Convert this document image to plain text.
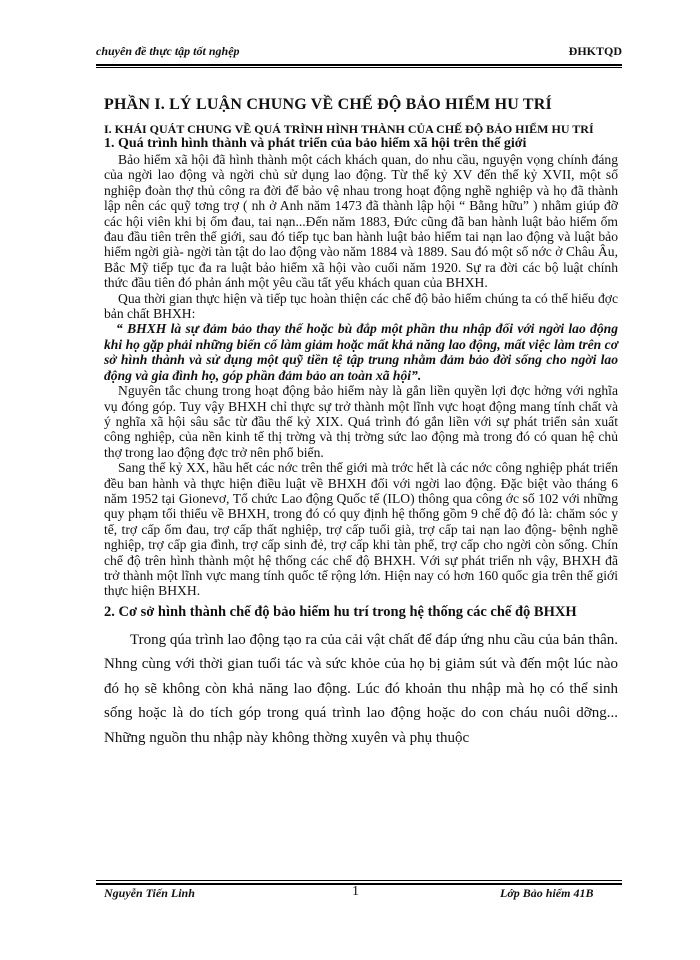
chuyên đề thực tập tốt nghệp	ĐHKTQD
PHẦN I. LÝ LUẬN CHUNG VỀ CHẾ ĐỘ BẢO HIỂM HU TRÍ
I. KHÁI QUÁT CHUNG VỀ QUÁ TRÌNH HÌNH THÀNH CỦA CHẾ ĐỘ BẢO HIỂM HU TRÍ
1. Quá trình hình thành và phát triển của bảo hiểm xã hội trên thế giới

Bảo hiểm xã hội đã hình thành một cách khách quan, do nhu cầu, nguyện vọng chính đáng của ngời lao động và ngời chủ sử dụng lao động. Từ thế kỷ XV đến thế kỷ XVII, một số nghiệp đoàn thợ thủ công ra đời để bảo vệ nhau trong hoạt động nghề nghiệp và họ đã thành lập nên các quỹ tơng trợ ( nh ở Anh năm 1473 đã thành lập hội “ Bằng hữu” ) nhằm giúp đỡ các hội viên khi bị ốm đau, tai nạn...Đến năm 1883, Đức cũng đã ban hành luật bảo hiểm ốm đau đầu tiên trên thế giới, sau đó tiếp tục ban hành luật bảo hiểm tai nạn lao động và luật bảo hiểm ngời già- ngời tàn tật do lao động vào năm 1884 và 1889. Sau đó một số nớc ở Châu Âu, Bắc Mỹ tiếp tục đa ra luật bảo hiểm xã hội vào cuối năm 1920. Sự ra đời các bộ luật chính thức đầu tiên đó phản ánh một yêu cầu tất yếu khách quan của BHXH.

Qua thời gian thực hiện và tiếp tục hoàn thiện các chế độ bảo hiểm chúng ta có thể hiểu đợc bản chất BHXH:

“ BHXH là sự đảm bảo thay thế hoặc bù đắp một phần thu nhập đối với ngời lao động khi họ gặp phải những biến cố làm giảm hoặc mất khả năng lao động, mất việc làm trên cơ sở hình thành và sử dụng một quỹ tiền tệ tập trung nhằm đảm bảo đời sống cho ngời lao động và gia đình họ, góp phần đảm bảo an toàn xã hội”.

Nguyên tắc chung trong hoạt động bảo hiểm này là gắn liền quyền lợi đợc hởng với nghĩa vụ đóng góp. Tuy vậy BHXH chỉ thực sự trở thành một lĩnh vực hoạt động mang tính chất và ý nghĩa xã hội sâu sắc từ đầu thế kỷ XIX. Quá trình đó gắn liền với sự phát triển sản xuất công nghiệp, của nền kinh tế thị trờng và thị trờng sức lao động mà trong đó có quan hệ chủ thợ trong lao động đợc trở nên phổ biến.

Sang thế kỷ XX, hầu hết các nớc trên thế giới mà trớc hết là các nớc công nghiệp phát triển đều ban hành và thực hiện điều luật về BHXH đối với ngời lao động. Đặc biệt vào tháng 6 năm 1952 tại Gionevơ, Tổ chức Lao động Quốc tế (ILO) thông qua công ớc số 102 với những quy phạm tối thiểu về BHXH, trong đó có quy định hệ thống gồm 9 chế độ đó là: chăm sóc y tế, trợ cấp ốm đau, trợ cấp thất nghiệp, trợ cấp tuổi già, trợ cấp tai nạn lao động- bệnh nghề nghiệp, trợ cấp gia đình, trợ cấp sinh đẻ, trợ cấp khi tàn phế, trợ cấp cho ngời còn sống. Chín chế độ trên hình thành một hệ thống các chế độ BHXH. Với sự phát triển nh vậy, BHXH đã trở thành một lĩnh vực mang tính quốc tế rộng lớn. Hiện nay có hơn 160 quốc gia trên thế giới thực hiện BHXH.

2. Cơ sở hình thành chế độ bảo hiểm hu trí trong hệ thống các chế độ BHXH

Trong qúa trình lao động tạo ra của cải vật chất để đáp ứng nhu cầu của bản thân. Nhng cùng với thời gian tuổi tác và sức khỏe của họ bị giảm sút và đến một lúc nào đó họ sẽ không còn khả năng lao động. Lúc đó khoản thu nhập mà họ có thể sinh sống hoặc là do tích góp trong quá trình lao động hoặc do con cháu nuôi dỡng... Những nguồn thu nhập này không thờng xuyên và phụ thuộc

Nguyễn Tiến Linh	1	Lớp Bảo hiểm 41B
